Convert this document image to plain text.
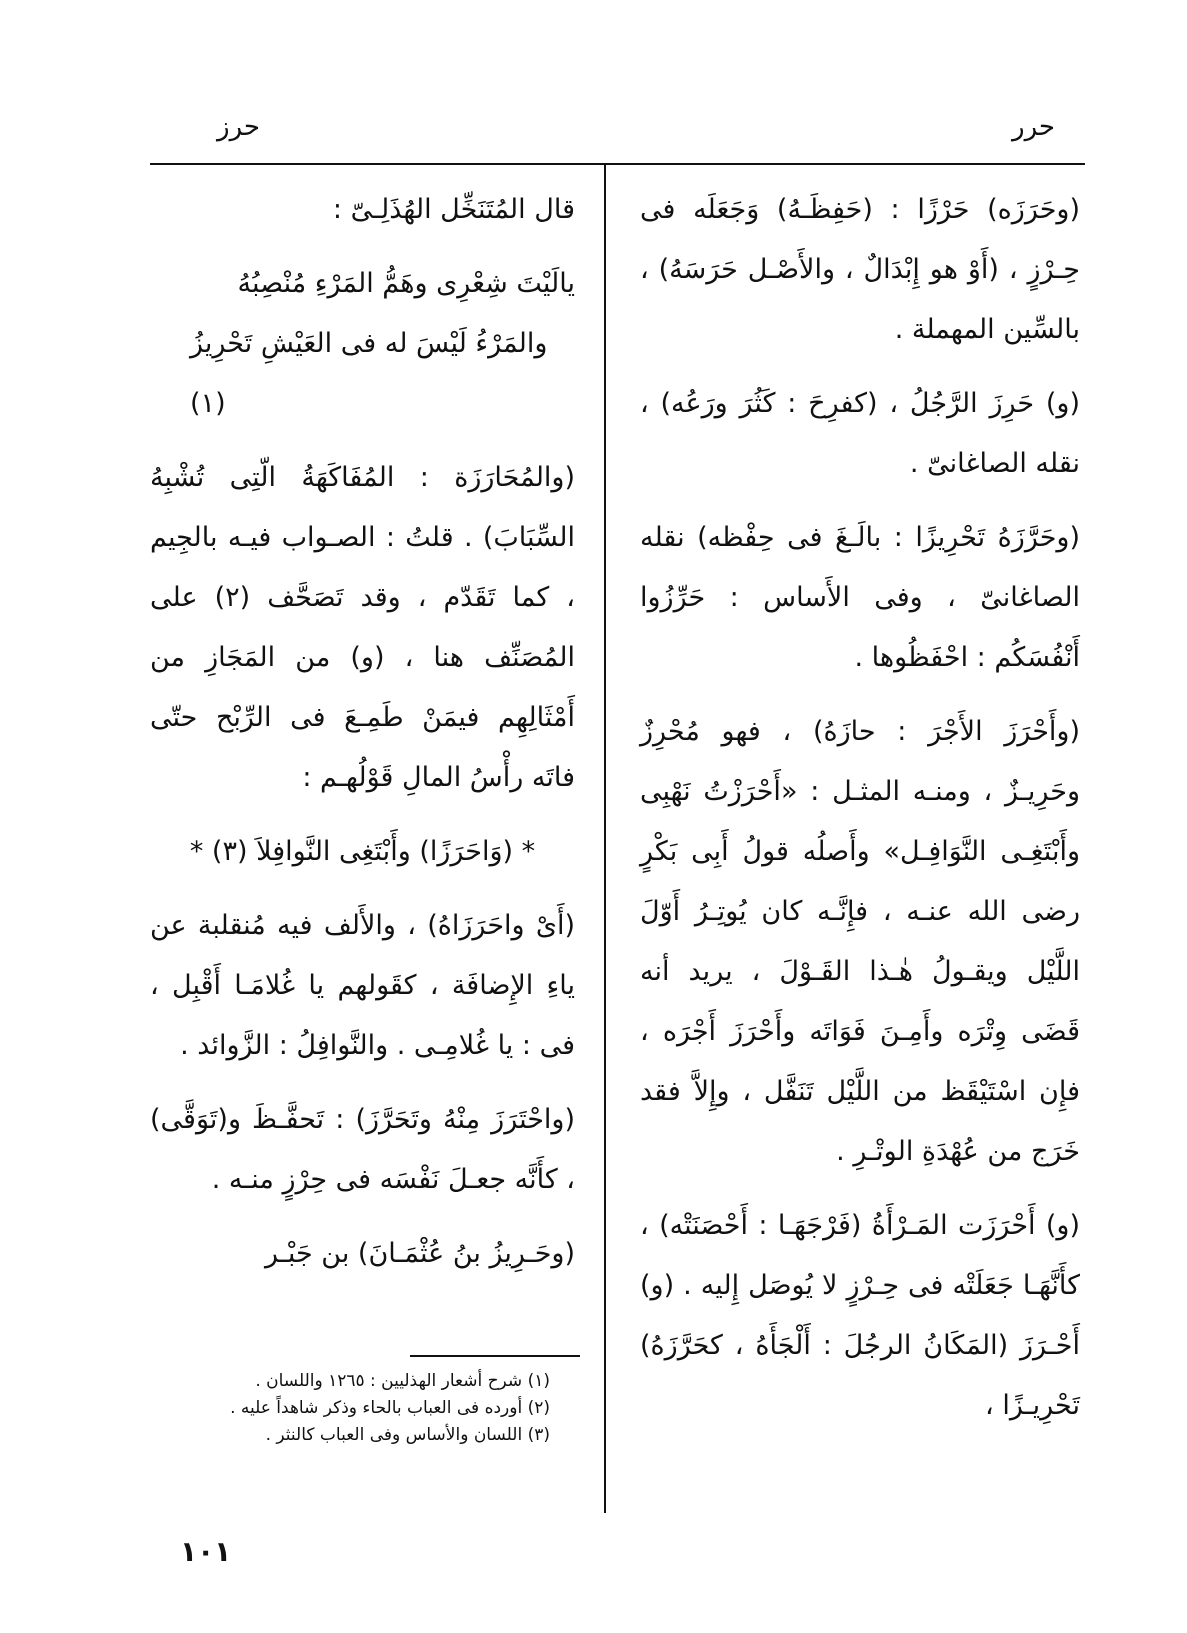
حرر
حرز

(وحَرَزَه) حَرْزًا : (حَفِظَـهُ) وَجَعَلَه فى حِـرْزٍ ، (أَوْ هو إِبْدَالٌ ، والأَصْـل حَرَسَهُ) ، بالسِّين المهملة .

(و) حَرِزَ الرَّجُلُ ، (كفرِحَ : كَثُرَ ورَعُه) ، نقله الصاغانىّ .

(وحَرَّزَهُ تَحْرِيزًا : بالَـغَ فى حِفْظه) نقله الصاغانىّ ، وفى الأَساس : حَرِّزُوا أَنْفُسَكُم : احْفَظُوها .

(وأَحْرَزَ الأَجْرَ : حازَهُ) ، فهو مُحْرِزٌ وحَرِيـزٌ ، ومنـه المثـل : «أَحْرَزْتُ نَهْبِى وأَبْتَغِـى النَّوَافِـل» وأَصلُه قولُ أَبِى بَكْرٍ رضى الله عنـه ، فإِنَّـه كان يُوتِـرُ أَوّلَ اللَّيْل ويقـولُ هٰـذا القَـوْلَ ، يريد أنه قَضَى وِتْرَه وأَمِـنَ فَوَاتَه وأَحْرَزَ أَجْرَه ، فإِن اسْتَيْقَظ من اللَّيْل تَنَفَّل ، وإِلاَّ فقد خَرَج من عُهْدَةِ الوتْـرِ .

(و) أَحْرَزَت المَـرْأَةُ (فَرْجَهَـا : أَحْصَنَتْه) ، كأَنَّهَـا جَعَلَتْه فى حِـرْزٍ لا يُوصَل إِليه . (و) أَحْـرَزَ (المَكَانُ الرجُلَ : أَلْجَأَهُ ، كحَرَّزَهُ) تَحْرِيـزًا ،

قال المُتَنَخِّل الهُذَلِـىّ :

يالَيْتَ شِعْرِى وهَمُّ المَرْءِ مُنْصِبُهُ
والمَرْءُ لَيْسَ له فى العَيْشِ تَحْرِيزُ (١)

(والمُحَارَزَة : المُفَاكَهَةُ الّتِى تُشْبِهُ السِّبَابَ) . قلتُ : الصـواب فيـه بالجِيم ، كما تَقَدّم ، وقد تَصَحَّف (٢) على المُصَنِّف هنا ، (و) من المَجَازِ من أَمْثَالِهِم فيمَنْ طَمِـعَ فى الرِّبْح حتّى فاتَه رأْسُ المالِ قَوْلُهـم :

* (وَاحَرَزًا) وأَبْتَغِى النَّوافِلاَ (٣) *

(أَىْ واحَرَزَاهُ) ، والأَلف فيه مُنقلبة عن ياءِ الإِضافَة ، كقَولهم يا غُلامَـا أَقْبِل ، فى : يا غُلامِـى . والنَّوافِلُ : الزَّوائد .

(واحْتَرَزَ مِنْهُ وتَحَرَّزَ) : تَحفَّـظَ و(تَوَقَّى) ، كأَنَّه جعـلَ نَفْسَه فى حِرْزٍ منـه .

(وحَـرِيزُ بنُ عُثْمَـانَ) بن جَبْـر

(١) شرح أشعار الهذليين : ١٢٦٥ واللسان .
(٢) أورده فى العباب بالحاء وذكر شاهداً عليه .
(٣) اللسان والأساس وفى العباب كالنثر .
١٠١
